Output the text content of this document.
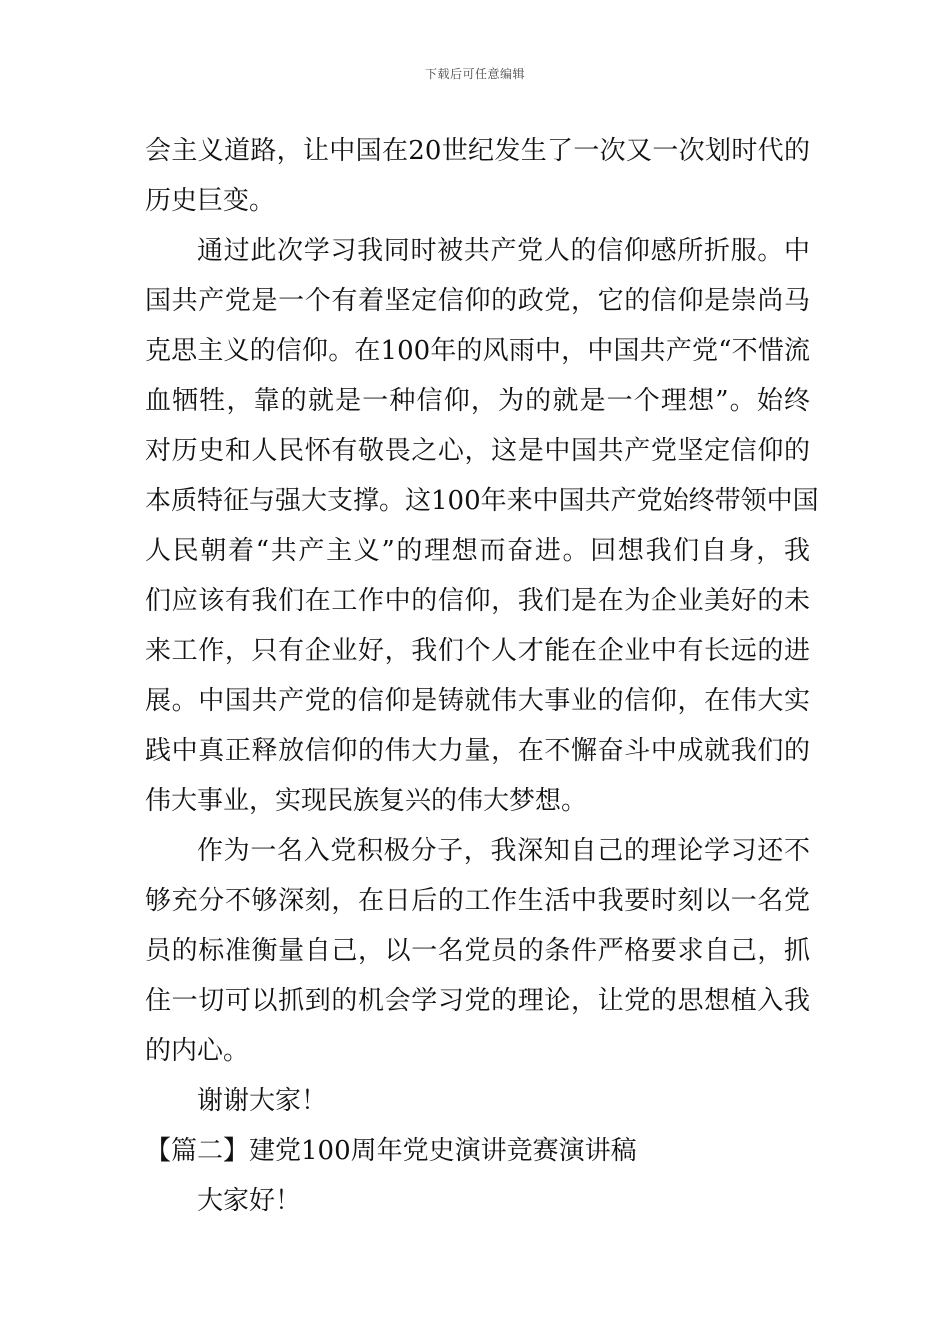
下载后可任意编辑
会主义道路，让中国在20世纪发生了一次又一次划时代的
历史巨变。
通过此次学习我同时被共产党人的信仰感所折服。中
国共产党是一个有着坚定信仰的政党，它的信仰是崇尚马
克思主义的信仰。在100年的风雨中，中国共产党“不惜流
血牺牲，靠的就是一种信仰，为的就是一个理想”。始终
对历史和人民怀有敬畏之心，这是中国共产党坚定信仰的
本质特征与强大支撑。这100年来中国共产党始终带领中国
人民朝着“共产主义”的理想而奋进。回想我们自身，我
们应该有我们在工作中的信仰，我们是在为企业美好的未
来工作，只有企业好，我们个人才能在企业中有长远的进
展。中国共产党的信仰是铸就伟大事业的信仰，在伟大实
践中真正释放信仰的伟大力量，在不懈奋斗中成就我们的
伟大事业，实现民族复兴的伟大梦想。
作为一名入党积极分子，我深知自己的理论学习还不
够充分不够深刻，在日后的工作生活中我要时刻以一名党
员的标准衡量自己，以一名党员的条件严格要求自己，抓
住一切可以抓到的机会学习党的理论，让党的思想植入我
的内心。
谢谢大家！
【篇二】建党100周年党史演讲竞赛演讲稿
大家好！
